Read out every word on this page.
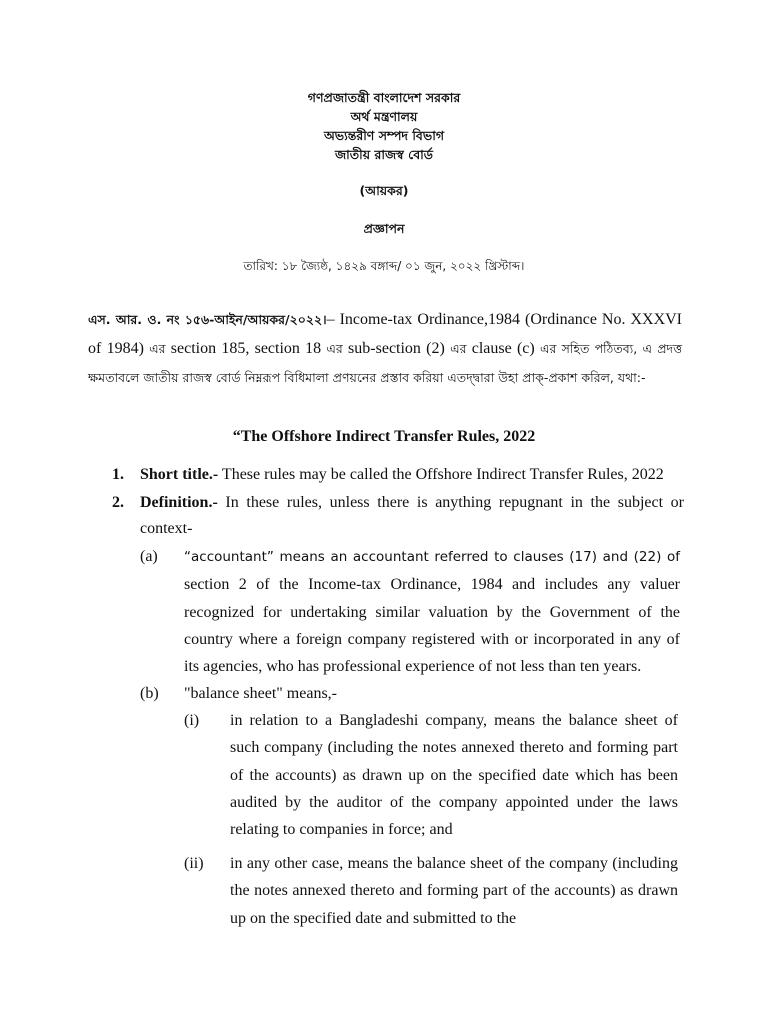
গণপ্রজাতন্ত্রী বাংলাদেশ সরকার
অর্থ মন্ত্রণালয়
অভ্যন্তরীণ সম্পদ বিভাগ
জাতীয় রাজস্ব বোর্ড
(আয়কর)
প্রজ্ঞাপন
তারিখ: ১৮ জ্যৈষ্ঠ, ১৪২৯ বঙ্গাব্দ/ ০১ জুন, ২০২২ খ্রিস্টাব্দ।
এস. আর. ও. নং ১৫৬-আইন/আয়কর/২০২২।– Income-tax Ordinance,1984 (Ordinance No. XXXVI of 1984) এর section 185, section 18 এর sub-section (2) এর clause (c) এর সহিত পঠিতব্য, এ প্রদত্ত ক্ষমতাবলে জাতীয় রাজস্ব বোর্ড নিম্নরূপ বিধিমালা প্রণয়নের প্রস্তাব করিয়া এতদ্দ্বারা উহা প্রাক্-প্রকাশ করিল, যথা:-
“The Offshore Indirect Transfer Rules, 2022
1. Short title.- These rules may be called the Offshore Indirect Transfer Rules, 2022
2. Definition.- In these rules, unless there is anything repugnant in the subject or context-
(a) “accountant” means an accountant referred to clauses (17) and (22) of section 2 of the Income-tax Ordinance, 1984 and includes any valuer recognized for undertaking similar valuation by the Government of the country where a foreign company registered with or incorporated in any of its agencies, who has professional experience of not less than ten years.
(b) "balance sheet" means,-
(i) in relation to a Bangladeshi company, means the balance sheet of such company (including the notes annexed thereto and forming part of the accounts) as drawn up on the specified date which has been audited by the auditor of the company appointed under the laws relating to companies in force; and
(ii) in any other case, means the balance sheet of the company (including the notes annexed thereto and forming part of the accounts) as drawn up on the specified date and submitted to the
